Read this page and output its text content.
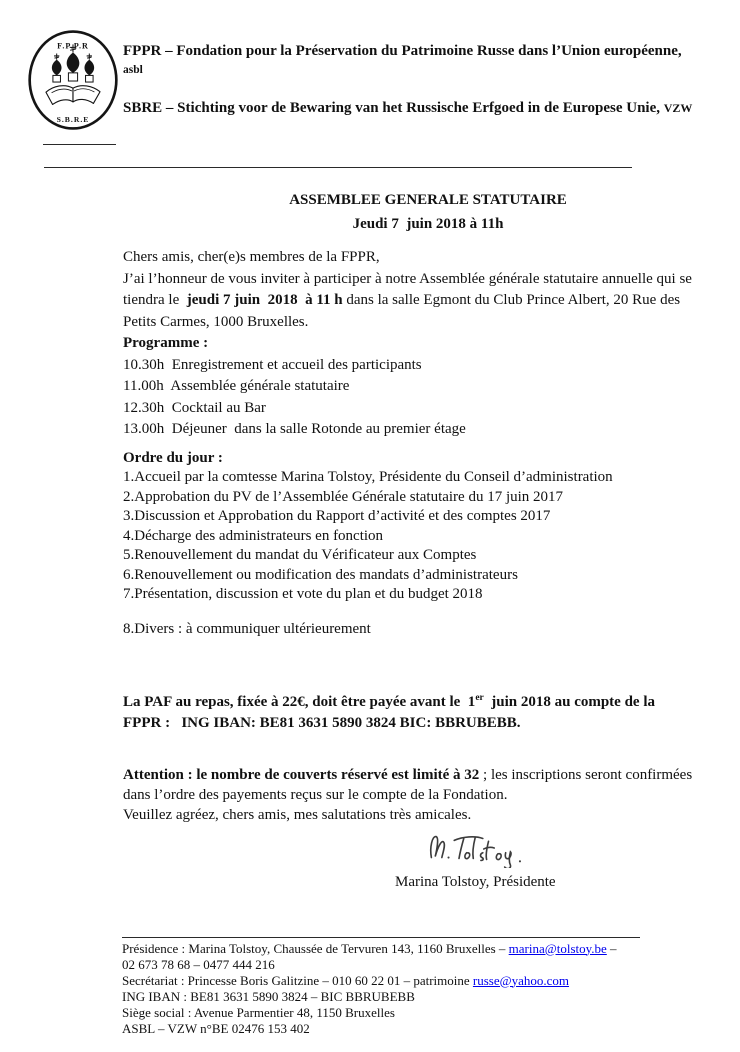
F.P.P.R
S.B.R.E
FPPR – Fondation pour la Préservation du Patrimoine Russe dans l’Union européenne,
asbl
SBRE – Stichting voor de Bewaring van het Russische Erfgoed in de Europese Unie, VZW
ASSEMBLEE GENERALE STATUTAIRE
Jeudi 7  juin 2018 à 11h
Chers amis, cher(e)s membres de la FPPR,
J’ai l’honneur de vous inviter à participer à notre Assemblée générale statutaire annuelle qui se tiendra le  jeudi 7 juin  2018  à 11 h dans la salle Egmont du Club Prince Albert, 20 Rue des Petits Carmes, 1000 Bruxelles.
Programme :
10.30h  Enregistrement et accueil des participants
11.00h  Assemblée générale statutaire
12.30h  Cocktail au Bar
13.00h  Déjeuner  dans la salle Rotonde au premier étage
Ordre du jour :
1.Accueil par la comtesse Marina Tolstoy, Présidente du Conseil d’administration
2.Approbation du PV de l’Assemblée Générale statutaire du 17 juin 2017
3.Discussion et Approbation du Rapport d’activité et des comptes 2017
4.Décharge des administrateurs en fonction
5.Renouvellement du mandat du Vérificateur aux Comptes
6.Renouvellement ou modification des mandats d’administrateurs
7.Présentation, discussion et vote du plan et du budget 2018
8.Divers : à communiquer ultérieurement
La PAF au repas, fixée à 22€, doit être payée avant le  1er  juin 2018 au compte de la FPPR :   ING IBAN: BE81 3631 5890 3824 BIC: BBRUBEBB.
Attention : le nombre de couverts réservé est limité à 32 ; les inscriptions seront confirmées dans l’ordre des payements reçus sur le compte de la Fondation.
Veuillez agréez, chers amis, mes salutations très amicales.
Marina Tolstoy, Présidente
Présidence : Marina Tolstoy, Chaussée de Tervuren 143, 1160 Bruxelles – marina@tolstoy.be –
02 673 78 68 – 0477 444 216
Secrétariat : Princesse Boris Galitzine – 010 60 22 01 – patrimoine russe@yahoo.com
ING IBAN : BE81 3631 5890 3824 – BIC BBRUBEBB
Siège social : Avenue Parmentier 48, 1150 Bruxelles
ASBL – VZW n°BE 02476 153 402
